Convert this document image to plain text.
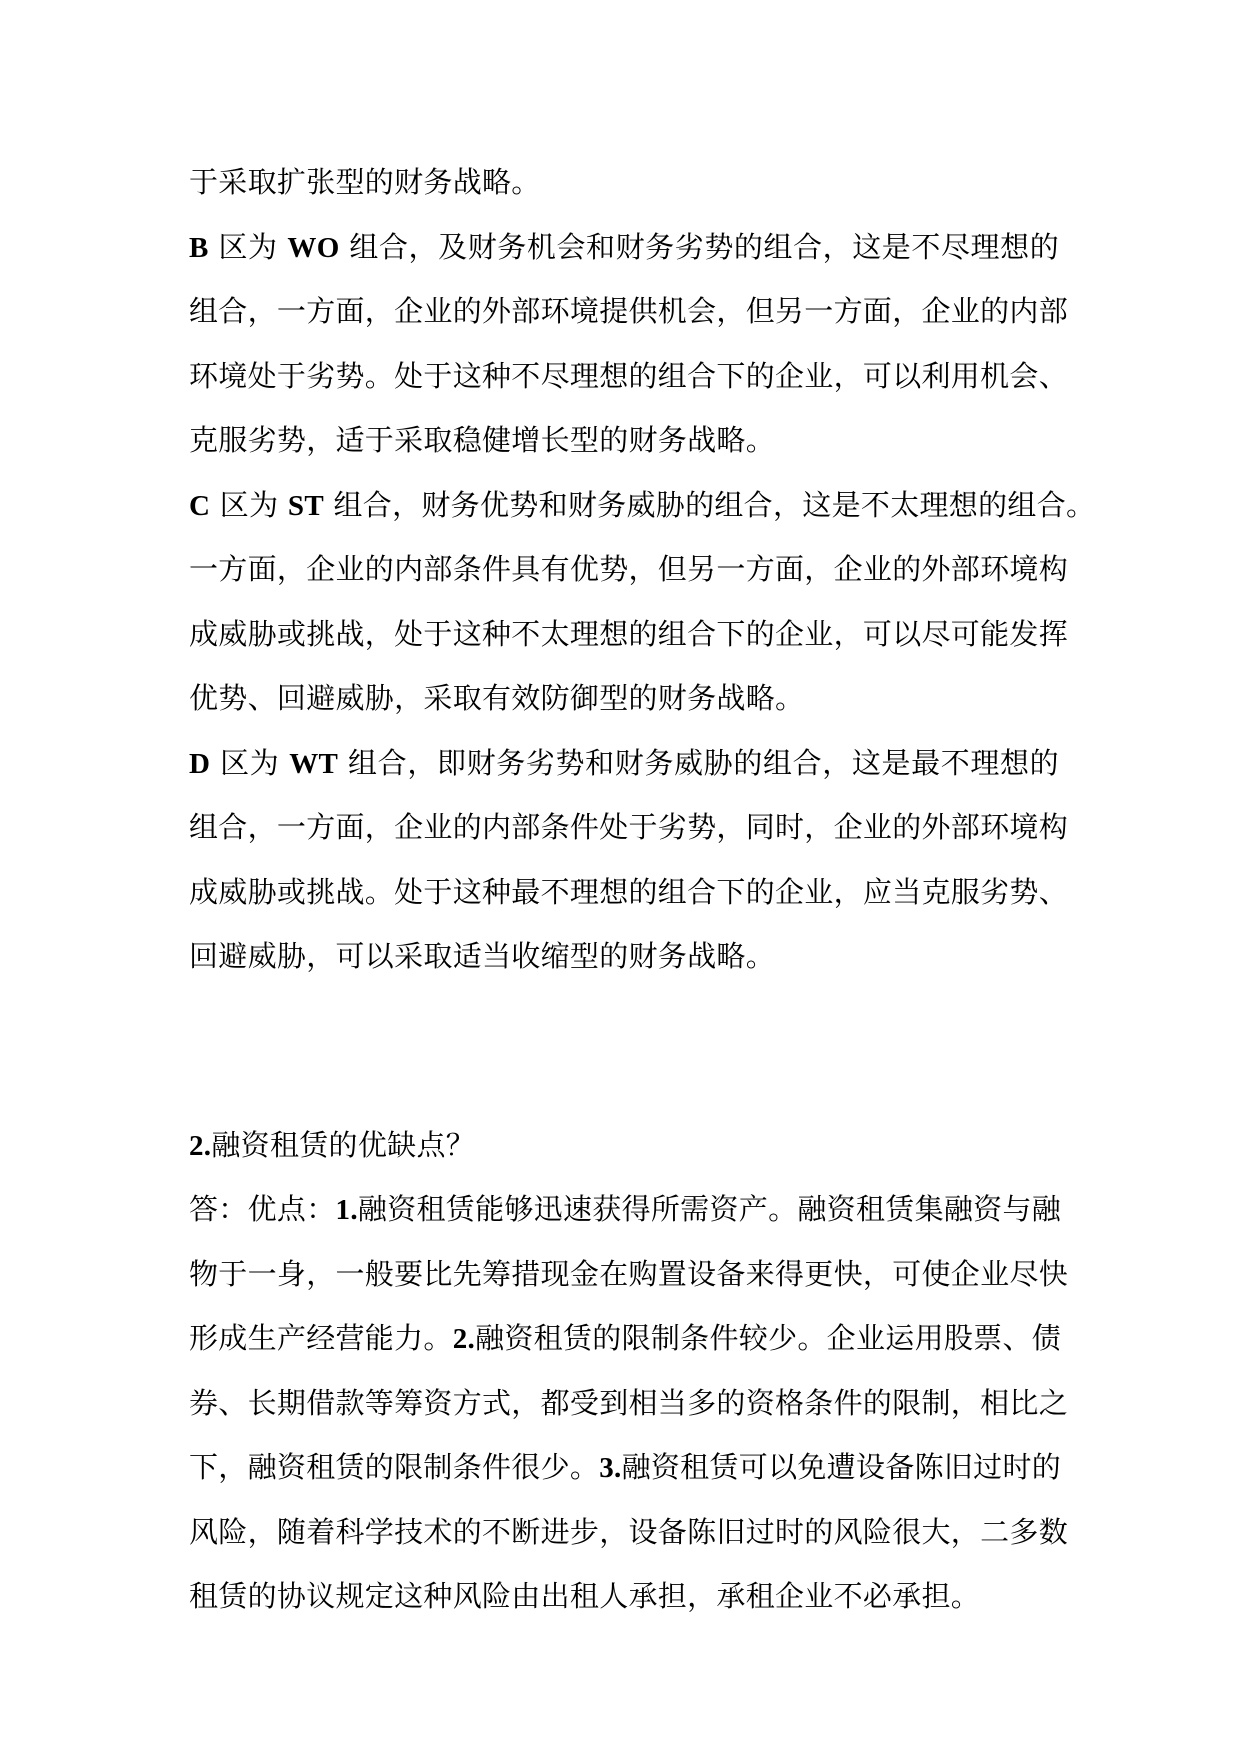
于采取扩张型的财务战略。
B 区为 WO 组合，及财务机会和财务劣势的组合，这是不尽理想的
组合，一方面，企业的外部环境提供机会，但另一方面，企业的内部
环境处于劣势。处于这种不尽理想的组合下的企业，可以利用机会、
克服劣势，适于采取稳健增长型的财务战略。
C 区为 ST 组合，财务优势和财务威胁的组合，这是不太理想的组合。
一方面，企业的内部条件具有优势，但另一方面，企业的外部环境构
成威胁或挑战，处于这种不太理想的组合下的企业，可以尽可能发挥
优势、回避威胁，采取有效防御型的财务战略。
D 区为 WT 组合，即财务劣势和财务威胁的组合，这是最不理想的
组合，一方面，企业的内部条件处于劣势，同时，企业的外部环境构
成威胁或挑战。处于这种最不理想的组合下的企业，应当克服劣势、
回避威胁，可以采取适当收缩型的财务战略。
2.融资租赁的优缺点？
答：优点：1.融资租赁能够迅速获得所需资产。融资租赁集融资与融
物于一身，一般要比先筹措现金在购置设备来得更快，可使企业尽快
形成生产经营能力。2.融资租赁的限制条件较少。企业运用股票、债
券、长期借款等筹资方式，都受到相当多的资格条件的限制，相比之
下，融资租赁的限制条件很少。3.融资租赁可以免遭设备陈旧过时的
风险，随着科学技术的不断进步，设备陈旧过时的风险很大，二多数
租赁的协议规定这种风险由出租人承担，承租企业不必承担。
